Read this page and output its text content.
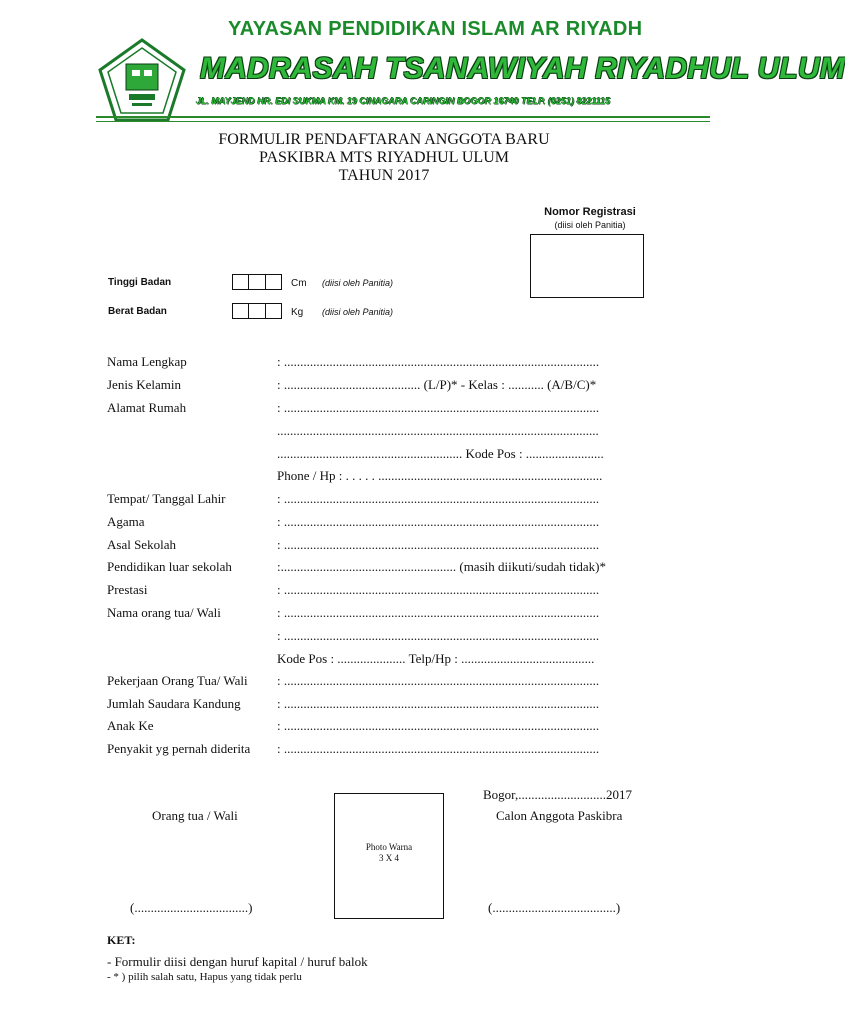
YAYASAN PENDIDIKAN ISLAM AR RIYADH
MADRASAH TSANAWIYAH RIYADHUL ULUM
JL. MAYJEND HR. EDI SUKMA KM. 19 CINAGARA CARINGIN BOGOR 16740 TELP. (0251) 8221115
FORMULIR PENDAFTARAN ANGGOTA BARU
PASKIBRA MTS RIYADHUL ULUM
TAHUN 2017
Nomor Registrasi
(diisi oleh Panitia)
Tinggi Badan	Cm (diisi oleh Panitia)
Berat Badan	Kg (diisi oleh Panitia)
Nama Lengkap	: .................................................................................................
Jenis Kelamin	: .......................................... (L/P)* - Kelas : ........... (A/B/C)*
Alamat Rumah	: .................................................................................................
...................................................................................................
......................................................... Kode Pos : ........................
Phone / Hp : . . . . . .....................................................................
Tempat/ Tanggal Lahir	: .................................................................................................
Agama	: .................................................................................................
Asal Sekolah	: .................................................................................................
Pendidikan luar sekolah	:...................................................... (masih diikuti/sudah tidak)*
Prestasi	: .................................................................................................
Nama orang tua/ Wali	: .................................................................................................
: .................................................................................................
Kode Pos : ..................... Telp/Hp : .........................................
Pekerjaan Orang Tua/ Wali : .................................................................................................
Jumlah Saudara Kandung	: .................................................................................................
Anak Ke	: .................................................................................................
Penyakit yg pernah diderita : .................................................................................................
Bogor,...........................2017
Orang tua / Wali	Calon Anggota Paskibra
Photo Warna
3 X 4
(...................................)	(......................................)
KET:
- Formulir diisi dengan huruf kapital / huruf balok
- * ) pilih salah satu, Hapus yang tidak perlu
